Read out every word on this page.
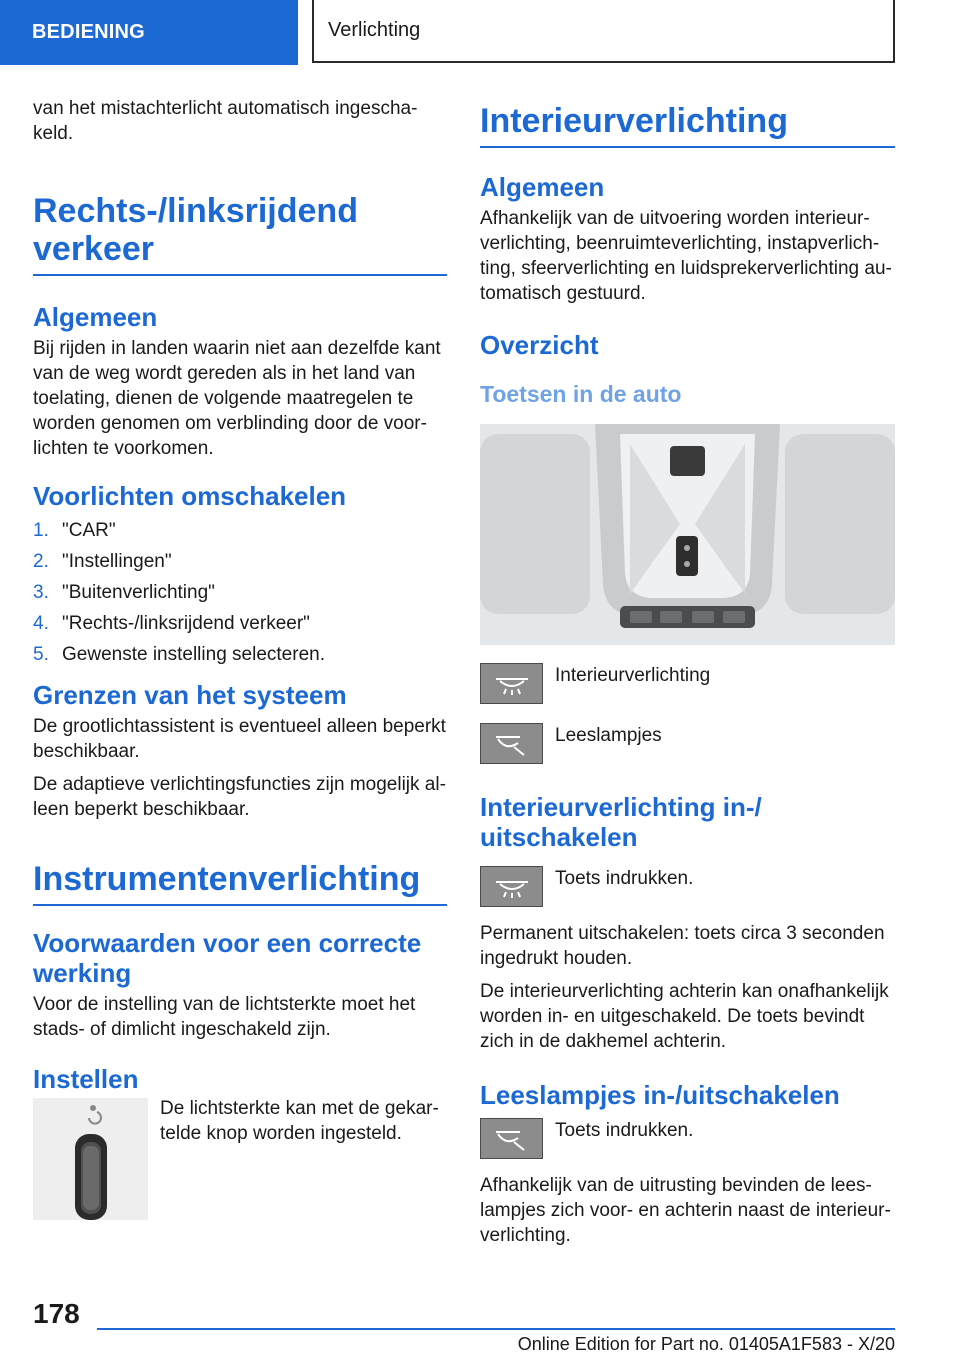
BEDIENING	Verlichting

van het mistachterlicht automatisch ingescha-keld.

Rechts-/linksrijdend verkeer
Algemeen

Bij rijden in landen waarin niet aan dezelfde kant van de weg wordt gereden als in het land van toelating, dienen de volgende maatregelen te worden genomen om verblinding door de voor-lichten te voorkomen.

Voorlichten omschakelen
1. "CAR"
2. "Instellingen"
3. "Buitenverlichting"
4. "Rechts-/linksrijdend verkeer"
5. Gewenste instelling selecteren.
Grenzen van het systeem

De grootlichtassistent is eventueel alleen beperkt beschikbaar.

De adaptieve verlichtingsfuncties zijn mogelijk al-leen beperkt beschikbaar.

Instrumentenverlichting
Voorwaarden voor een correcte werking

Voor de instelling van de lichtsterkte moet het stads- of dimlicht ingeschakeld zijn.

Instellen

De lichtsterkte kan met de gekar-telde knop worden ingesteld.

Interieurverlichting
Algemeen

Afhankelijk van de uitvoering worden interieur-verlichting, beenruimteverlichting, instapverlich-ting, sfeerverlichting en luidsprekerverlichting au-tomatisch gestuurd.

Overzicht
Toetsen in de auto
Interieurverlichting
Leeslampjes
Interieurverlichting in-/ uitschakelen
Toets indrukken.

Permanent uitschakelen: toets circa 3 seconden ingedrukt houden.

De interieurverlichting achterin kan onafhankelijk worden in- en uitgeschakeld. De toets bevindt zich in de dakhemel achterin.

Leeslampjes in-/uitschakelen
Toets indrukken.

Afhankelijk van de uitrusting bevinden de lees-lampjes zich voor- en achterin naast de interieur-verlichting.

178
Online Edition for Part no. 01405A1F583 - X/20
